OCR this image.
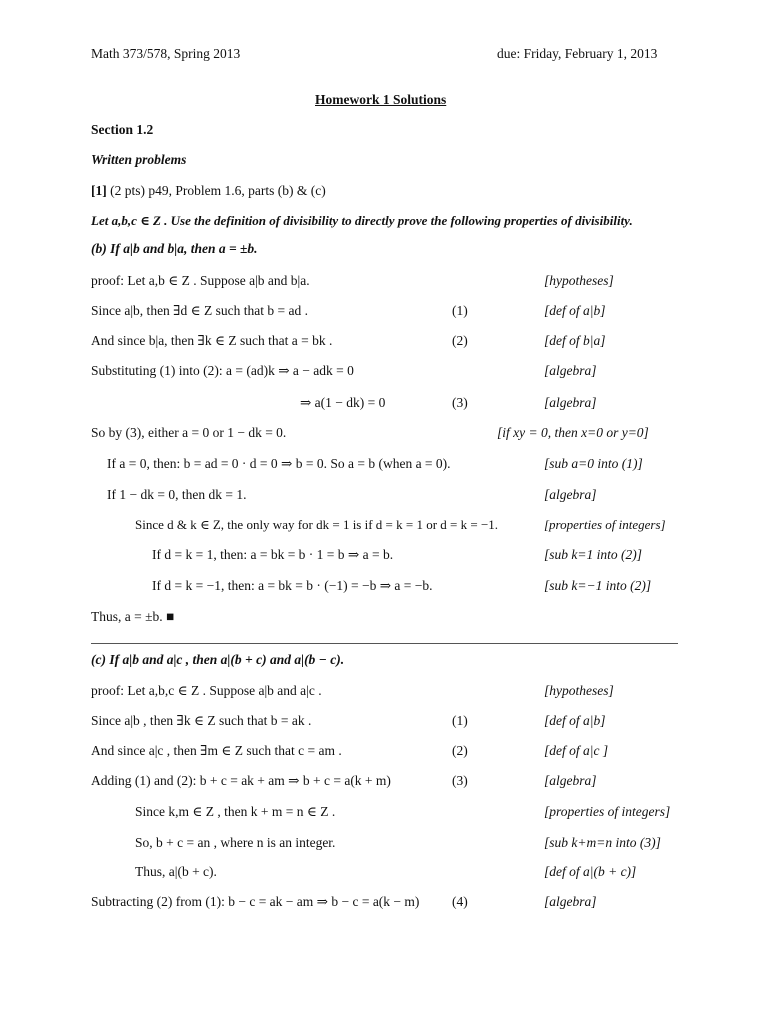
Math 373/578, Spring 2013	due: Friday, February 1, 2013
Homework 1 Solutions
Section 1.2
Written problems
[1] (2 pts) p49, Problem 1.6, parts (b) & (c)
Let a,b,c ∈ Z . Use the definition of divisibility to directly prove the following properties of divisibility.
(b) If a|b and b|a, then a = ±b.
proof: Let a,b ∈ Z . Suppose a|b and b|a.	[hypotheses]
Since a|b, then ∃d ∈ Z such that b = ad .	(1)	[def of a|b]
And since b|a, then ∃k ∈ Z such that a = bk .	(2)	[def of b|a]
Substituting (1) into (2): a = (ad)k ⇒ a − adk = 0	[algebra]
⇒ a(1 − dk) = 0	(3)	[algebra]
So by (3), either a = 0 or 1 − dk = 0.	[if xy = 0, then x=0 or y=0]
If a = 0, then: b = ad = 0 · d = 0 ⇒ b = 0. So a = b (when a = 0).	[sub a=0 into (1)]
If 1 − dk = 0, then dk = 1.	[algebra]
Since d & k ∈ Z, the only way for dk = 1 is if d = k = 1 or d = k = −1.	[properties of integers]
If d = k = 1, then: a = bk = b · 1 = b ⇒ a = b.	[sub k=1 into (2)]
If d = k = −1, then: a = bk = b · (−1) = −b ⇒ a = −b.	[sub k=−1 into (2)]
Thus, a = ±b. ■
(c) If a|b and a|c , then a|(b + c) and a|(b − c).
proof: Let a,b,c ∈ Z . Suppose a|b and a|c .	[hypotheses]
Since a|b , then ∃k ∈ Z such that b = ak .	(1)	[def of a|b]
And since a|c , then ∃m ∈ Z such that c = am .	(2)	[def of a|c ]
Adding (1) and (2): b + c = ak + am ⇒ b + c = a(k + m)	(3)	[algebra]
Since k,m ∈ Z , then k + m = n ∈ Z .	[properties of integers]
So, b + c = an , where n is an integer.	[sub k+m=n into (3)]
Thus, a|(b + c).	[def of a|(b + c)]
Subtracting (2) from (1): b − c = ak − am ⇒ b − c = a(k − m) (4)	[algebra]
